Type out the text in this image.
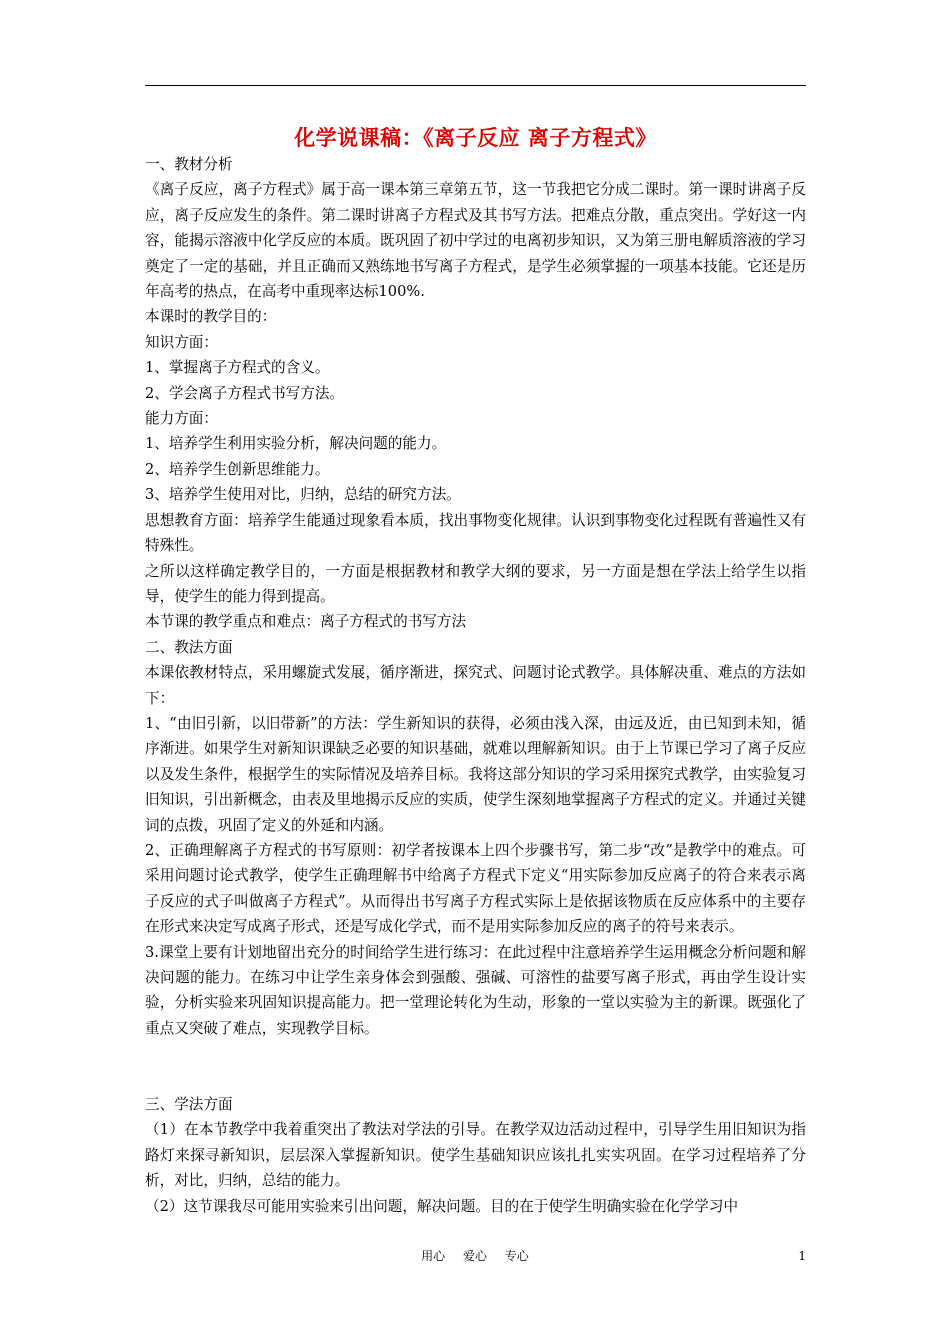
化学说课稿：《离子反应 离子方程式》

一、教材分析

《离子反应，离子方程式》属于高一课本第三章第五节，这一节我把它分成二课时。第一课时讲离子反应，离子反应发生的条件。第二课时讲离子方程式及其书写方法。把难点分散，重点突出。学好这一内容，能揭示溶液中化学反应的本质。既巩固了初中学过的电离初步知识，又为第三册电解质溶液的学习奠定了一定的基础，并且正确而又熟练地书写离子方程式，是学生必须掌握的一项基本技能。它还是历年高考的热点，在高考中重现率达标100%.

本课时的教学目的：

知识方面：

1、掌握离子方程式的含义。

2、学会离子方程式书写方法。

能力方面：

1、培养学生利用实验分析，解决问题的能力。

2、培养学生创新思维能力。

3、培养学生使用对比，归纳，总结的研究方法。

思想教育方面：培养学生能通过现象看本质，找出事物变化规律。认识到事物变化过程既有普遍性又有特殊性。

之所以这样确定教学目的，一方面是根据教材和教学大纲的要求，另一方面是想在学法上给学生以指导，使学生的能力得到提高。

本节课的教学重点和难点：离子方程式的书写方法

二、教法方面

本课依教材特点，采用螺旋式发展，循序渐进，探究式、问题讨论式教学。具体解决重、难点的方法如下：

1、“由旧引新，以旧带新”的方法：学生新知识的获得，必须由浅入深，由远及近，由已知到未知，循序渐进。如果学生对新知识课缺乏必要的知识基础，就难以理解新知识。由于上节课已学习了离子反应以及发生条件，根据学生的实际情况及培养目标。我将这部分知识的学习采用探究式教学，由实验复习旧知识，引出新概念，由表及里地揭示反应的实质，使学生深刻地掌握离子方程式的定义。并通过关键词的点拨，巩固了定义的外延和内涵。

2、正确理解离子方程式的书写原则：初学者按课本上四个步骤书写，第二步“改”是教学中的难点。可采用问题讨论式教学，使学生正确理解书中给离子方程式下定义“用实际参加反应离子的符合来表示离子反应的式子叫做离子方程式”。从而得出书写离子方程式实际上是依据该物质在反应体系中的主要存在形式来决定写成离子形式，还是写成化学式，而不是用实际参加反应的离子的符号来表示。

3.课堂上要有计划地留出充分的时间给学生进行练习：在此过程中注意培养学生运用概念分析问题和解决问题的能力。在练习中让学生亲身体会到强酸、强碱、可溶性的盐要写离子形式，再由学生设计实验，分析实验来巩固知识提高能力。把一堂理论转化为生动，形象的一堂以实验为主的新课。既强化了重点又突破了难点，实现教学目标。

三、学法方面

（1）在本节教学中我着重突出了教法对学法的引导。在教学双边活动过程中，引导学生用旧知识为指路灯来探寻新知识，层层深入掌握新知识。使学生基础知识应该扎扎实实巩固。在学习过程培养了分析，对比，归纳，总结的能力。

（2）这节课我尽可能用实验来引出问题，解决问题。目的在于使学生明确实验在化学学习中

用心 爱心 专心	1
